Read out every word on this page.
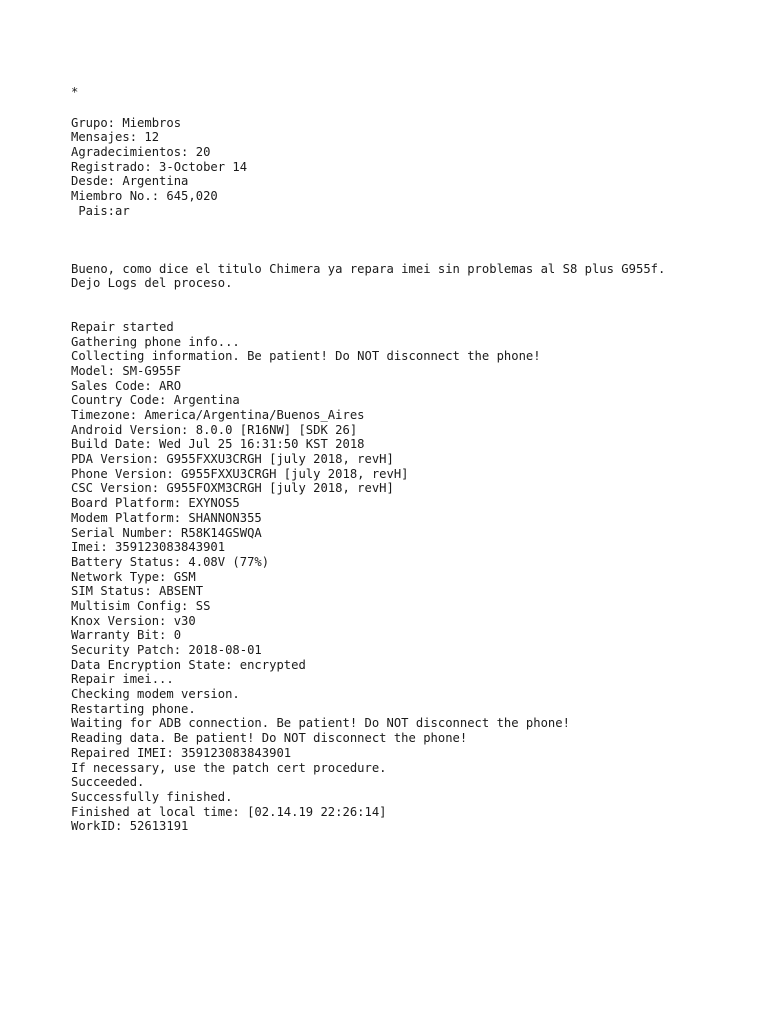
*
Grupo: Miembros
Mensajes: 12
Agradecimientos: 20
Registrado: 3-October 14
Desde: Argentina
Miembro No.: 645,020
Pais:ar
Bueno, como dice el titulo Chimera ya repara imei sin problemas al S8 plus G955f.
Dejo Logs del proceso.
Repair started
Gathering phone info...
Collecting information. Be patient! Do NOT disconnect the phone!
Model: SM-G955F
Sales Code: ARO
Country Code: Argentina
Timezone: America/Argentina/Buenos_Aires
Android Version: 8.0.0 [R16NW] [SDK 26]
Build Date: Wed Jul 25 16:31:50 KST 2018
PDA Version: G955FXXU3CRGH [july 2018, revH]
Phone Version: G955FXXU3CRGH [july 2018, revH]
CSC Version: G955FOXM3CRGH [july 2018, revH]
Board Platform: EXYNOS5
Modem Platform: SHANNON355
Serial Number: R58K14GSWQA
Imei: 359123083843901
Battery Status: 4.08V (77%)
Network Type: GSM
SIM Status: ABSENT
Multisim Config: SS
Knox Version: v30
Warranty Bit: 0
Security Patch: 2018-08-01
Data Encryption State: encrypted
Repair imei...
Checking modem version.
Restarting phone.
Waiting for ADB connection. Be patient! Do NOT disconnect the phone!
Reading data. Be patient! Do NOT disconnect the phone!
Repaired IMEI: 359123083843901
If necessary, use the patch cert procedure.
Succeeded.
Successfully finished.
Finished at local time: [02.14.19 22:26:14]
WorkID: 52613191
